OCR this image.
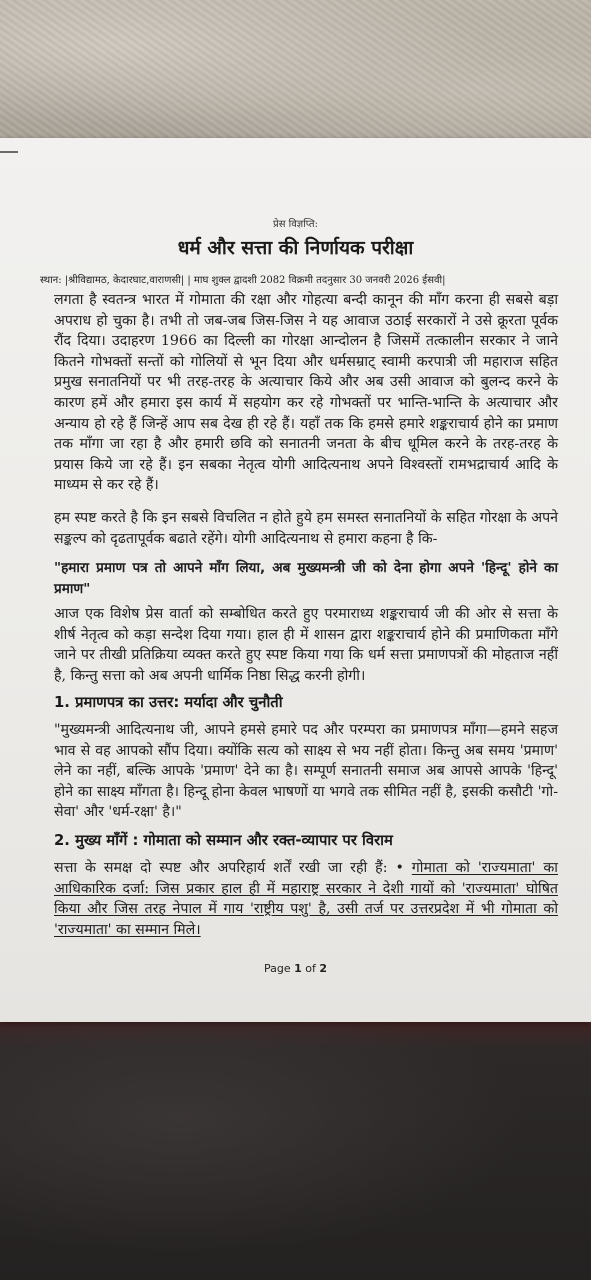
प्रेस विज्ञप्ति:
धर्म और सत्ता की निर्णायक परीक्षा
स्थान: |श्रीविद्यामठ, केदारघाट,वाराणसी| | माघ शुक्ल द्वादशी 2082 विक्रमी तदनुसार 30 जनवरी 2026 ईसवी|

लगता है स्वतन्त्र भारत में गोमाता की रक्षा और गोहत्या बन्दी कानून की माँग करना ही सबसे बड़ा अपराध हो चुका है। तभी तो जब-जब जिस-जिस ने यह आवाज उठाई सरकारों ने उसे क्रूरता पूर्वक रौंद दिया। उदाहरण 1966 का दिल्ली का गोरक्षा आन्दोलन है जिसमें तत्कालीन सरकार ने जाने कितने गोभक्तों सन्तों को गोलियों से भून दिया और धर्मसम्राट् स्वामी करपात्री जी महाराज सहित प्रमुख सनातनियों पर भी तरह-तरह के अत्याचार किये और अब उसी आवाज को बुलन्द करने के कारण हमें और हमारा इस कार्य में सहयोग कर रहे गोभक्तों पर भान्ति-भान्ति के अत्याचार और अन्याय हो रहे हैं जिन्हें आप सब देख ही रहे हैं। यहाँ तक कि हमसे हमारे शङ्कराचार्य होने का प्रमाण तक माँगा जा रहा है और हमारी छवि को सनातनी जनता के बीच धूमिल करने के तरह-तरह के प्रयास किये जा रहे हैं। इन सबका नेतृत्व योगी आदित्यनाथ अपने विश्वस्तों रामभद्राचार्य आदि के माध्यम से कर रहे हैं।

हम स्पष्ट करते है कि इन सबसे विचलित न होते हुये हम समस्त सनातनियों के सहित गोरक्षा के अपने सङ्कल्प को दृढतापूर्वक बढाते रहेंगे। योगी आदित्यनाथ से हमारा कहना है कि-

"हमारा प्रमाण पत्र तो आपने माँग लिया, अब मुख्यमन्त्री जी को देना होगा अपने 'हिन्दू' होने का प्रमाण"

आज एक विशेष प्रेस वार्ता को सम्बोधित करते हुए परमाराध्य शङ्कराचार्य जी की ओर से सत्ता के शीर्ष नेतृत्व को कड़ा सन्देश दिया गया। हाल ही में शासन द्वारा शङ्कराचार्य होने की प्रमाणिकता माँगे जाने पर तीखी प्रतिक्रिया व्यक्त करते हुए स्पष्ट किया गया कि धर्म सत्ता प्रमाणपत्रों की मोहताज नहीं है, किन्तु सत्ता को अब अपनी धार्मिक निष्ठा सिद्ध करनी होगी।

1. प्रमाणपत्र का उत्तर: मर्यादा और चुनौती

"मुख्यमन्त्री आदित्यनाथ जी, आपने हमसे हमारे पद और परम्परा का प्रमाणपत्र माँगा—हमने सहज भाव से वह आपको सौंप दिया। क्योंकि सत्य को साक्ष्य से भय नहीं होता। किन्तु अब समय 'प्रमाण' लेने का नहीं, बल्कि आपके 'प्रमाण' देने का है। सम्पूर्ण सनातनी समाज अब आपसे आपके 'हिन्दू' होने का साक्ष्य माँगता है। हिन्दू होना केवल भाषणों या भगवे तक सीमित नहीं है, इसकी कसौटी 'गो-सेवा' और 'धर्म-रक्षा' है।"

2. मुख्य माँगें : गोमाता को सम्मान और रक्त-व्यापार पर विराम

सत्ता के समक्ष दो स्पष्ट और अपरिहार्य शर्तें रखी जा रही हैं: • गोमाता को 'राज्यमाता' का आधिकारिक दर्जा: जिस प्रकार हाल ही में महाराष्ट्र सरकार ने देशी गायों को 'राज्यमाता' घोषित किया और जिस तरह नेपाल में गाय 'राष्ट्रीय पशु' है, उसी तर्ज पर उत्तरप्रदेश में भी गोमाता को 'राज्यमाता' का सम्मान मिले।

Page 1 of 2
